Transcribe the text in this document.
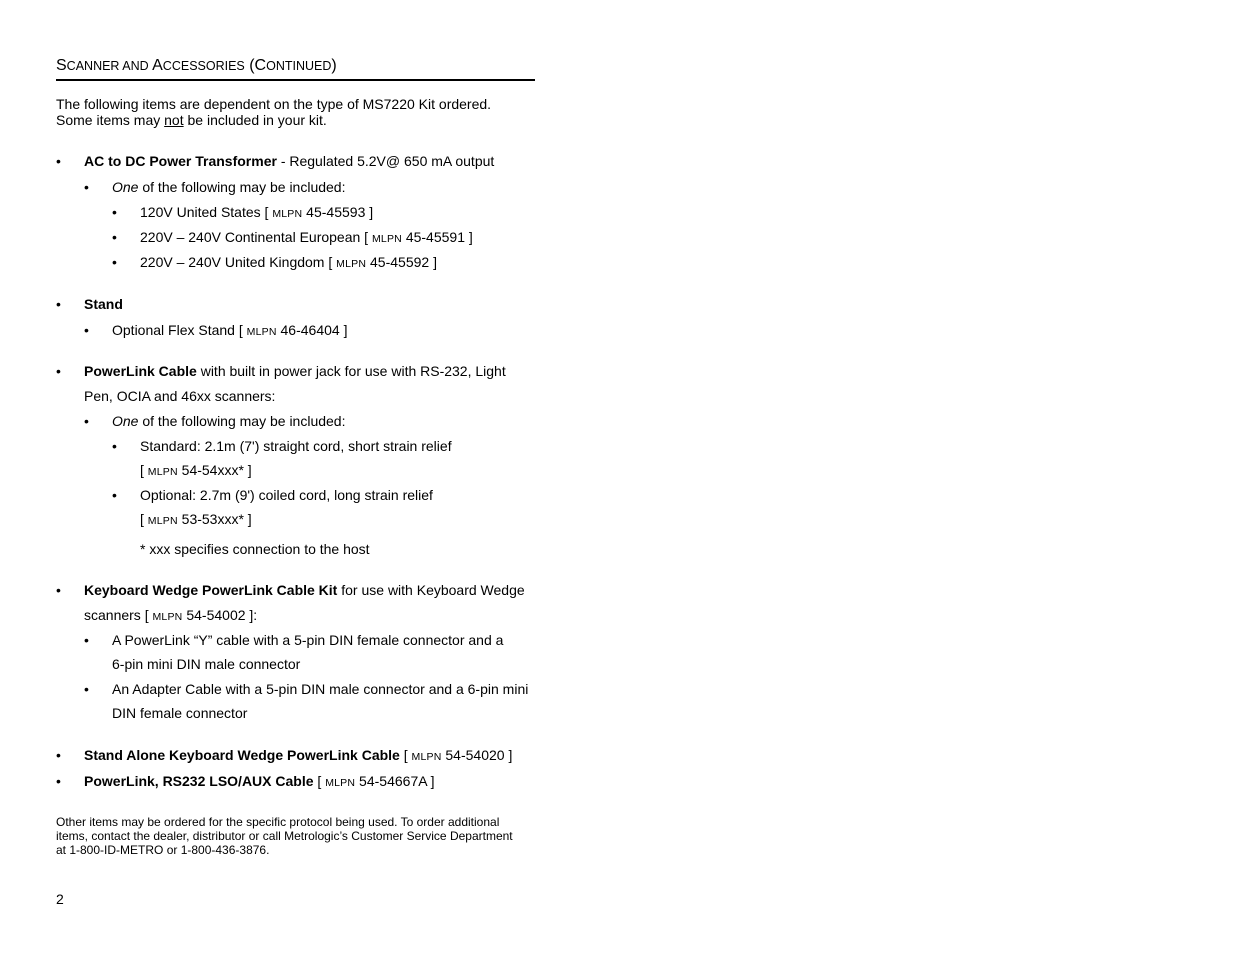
SCANNER AND ACCESSORIES (CONTINUED)
The following items are dependent on the type of MS7220 Kit ordered.
Some items may not be included in your kit.
• AC to DC Power Transformer - Regulated 5.2V@ 650 mA output
• One of the following may be included:
• 120V United States [ MLPN 45-45593 ]
• 220V – 240V Continental European [ MLPN 45-45591 ]
• 220V – 240V United Kingdom [ MLPN 45-45592 ]
• Stand
• Optional Flex Stand [ MLPN 46-46404 ]
• PowerLink Cable with built in power jack for use with RS-232, Light
Pen, OCIA and 46xx scanners:
• One of the following may be included:
• Standard: 2.1m (7') straight cord, short strain relief
[ MLPN 54-54xxx* ]
• Optional: 2.7m (9') coiled cord, long strain relief
[ MLPN 53-53xxx* ]
* xxx specifies connection to the host
• Keyboard Wedge PowerLink Cable Kit for use with Keyboard Wedge
scanners [ MLPN 54-54002 ]:
• A PowerLink “Y” cable with a 5-pin DIN female connector and a
6-pin mini DIN male connector
• An Adapter Cable with a 5-pin DIN male connector and a 6-pin mini
DIN female connector
• Stand Alone Keyboard Wedge PowerLink Cable [ MLPN 54-54020 ]
• PowerLink, RS232 LSO/AUX Cable [ MLPN 54-54667A ]
Other items may be ordered for the specific protocol being used. To order additional
items, contact the dealer, distributor or call Metrologic’s Customer Service Department
at 1-800-ID-METRO or 1-800-436-3876.
2
